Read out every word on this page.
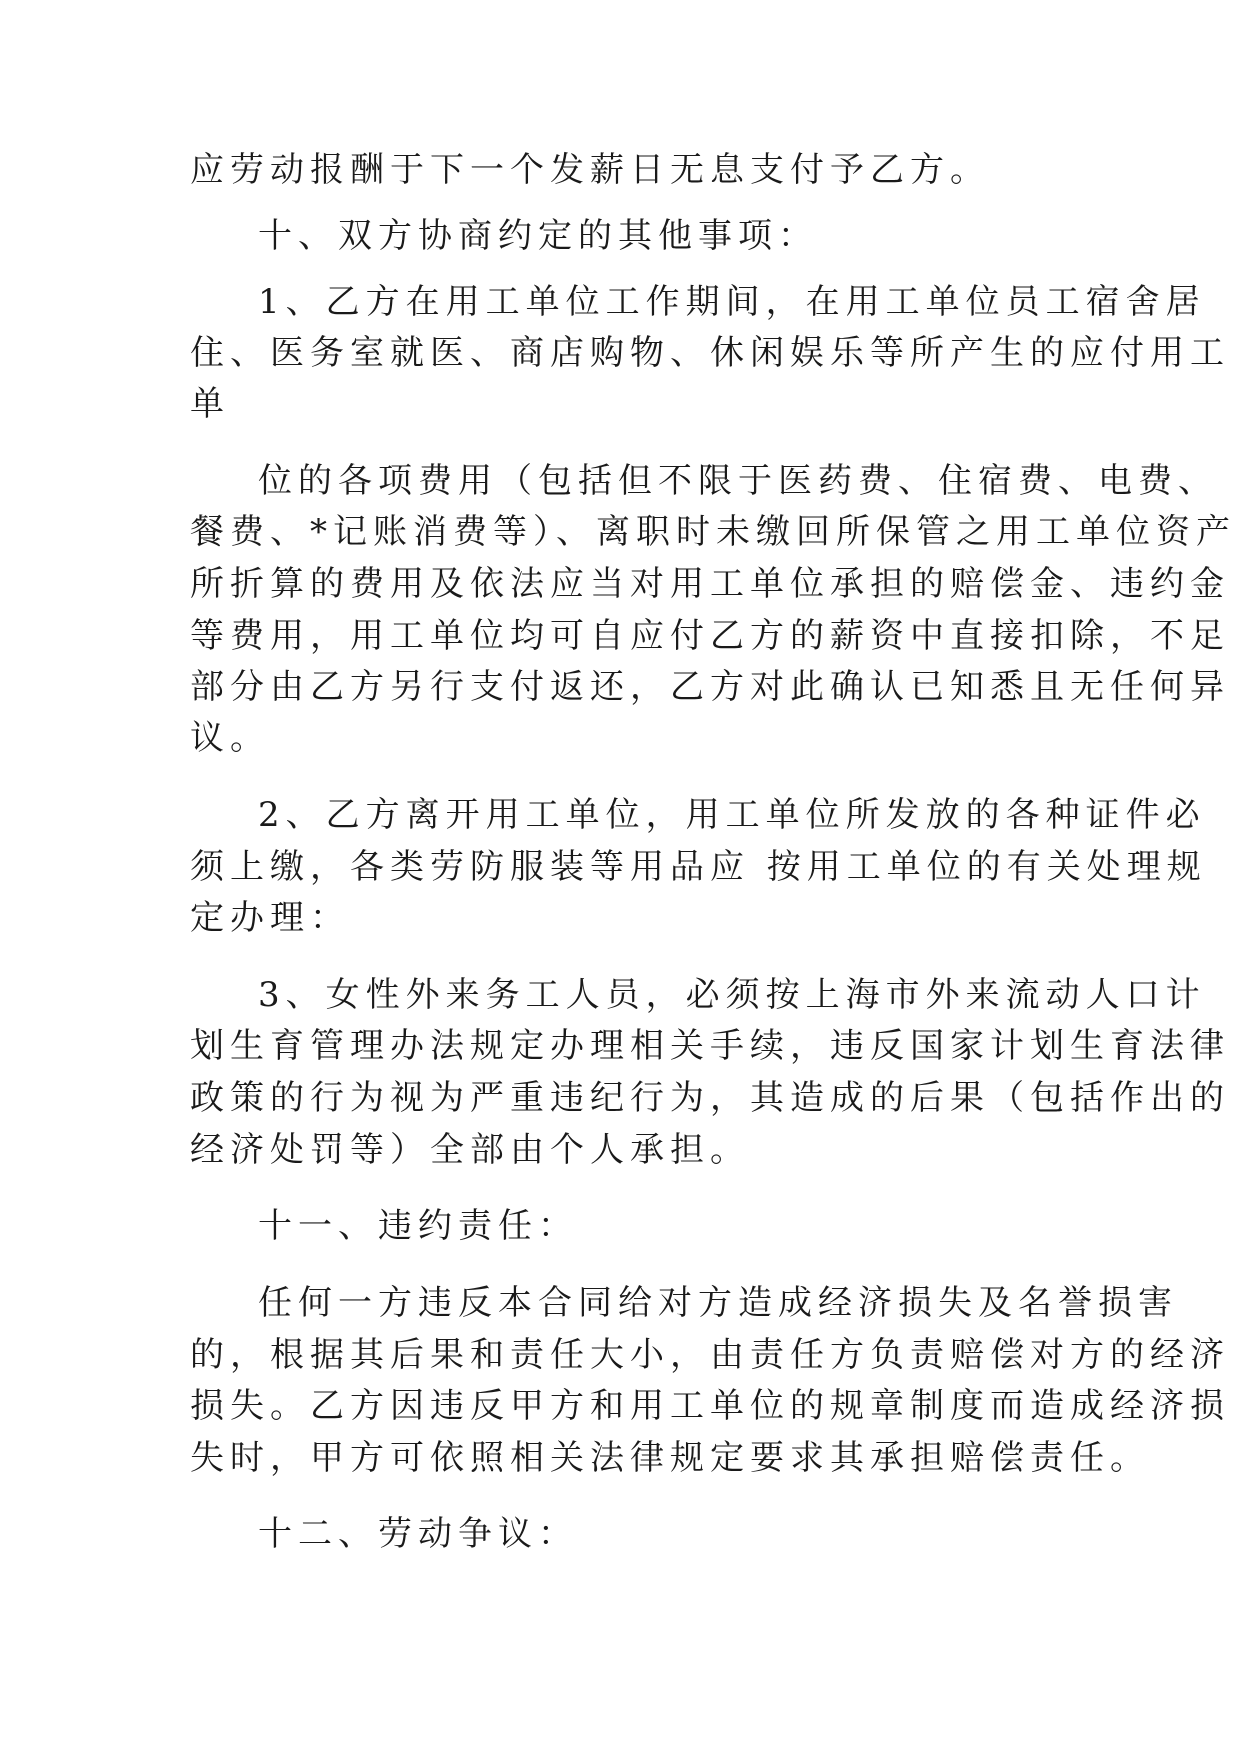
应劳动报酬于下一个发薪日无息支付予乙方。
十、双方协商约定的其他事项：
1、乙方在用工单位工作期间，在用工单位员工宿舍居
住、医务室就医、商店购物、休闲娱乐等所产生的应付用工
单
位的各项费用（包括但不限于医药费、住宿费、电费、
餐费、*记账消费等）、离职时未缴回所保管之用工单位资产
所折算的费用及依法应当对用工单位承担的赔偿金、违约金
等费用，用工单位均可自应付乙方的薪资中直接扣除，不足
部分由乙方另行支付返还，乙方对此确认已知悉且无任何异
议。
2、乙方离开用工单位，用工单位所发放的各种证件必
须上缴，各类劳防服装等用品应 按用工单位的有关处理规
定办理：
3、女性外来务工人员，必须按上海市外来流动人口计
划生育管理办法规定办理相关手续，违反国家计划生育法律
政策的行为视为严重违纪行为，其造成的后果（包括作出的
经济处罚等）全部由个人承担。
十一、违约责任：
任何一方违反本合同给对方造成经济损失及名誉损害
的，根据其后果和责任大小，由责任方负责赔偿对方的经济
损失。乙方因违反甲方和用工单位的规章制度而造成经济损
失时，甲方可依照相关法律规定要求其承担赔偿责任。
十二、劳动争议：
